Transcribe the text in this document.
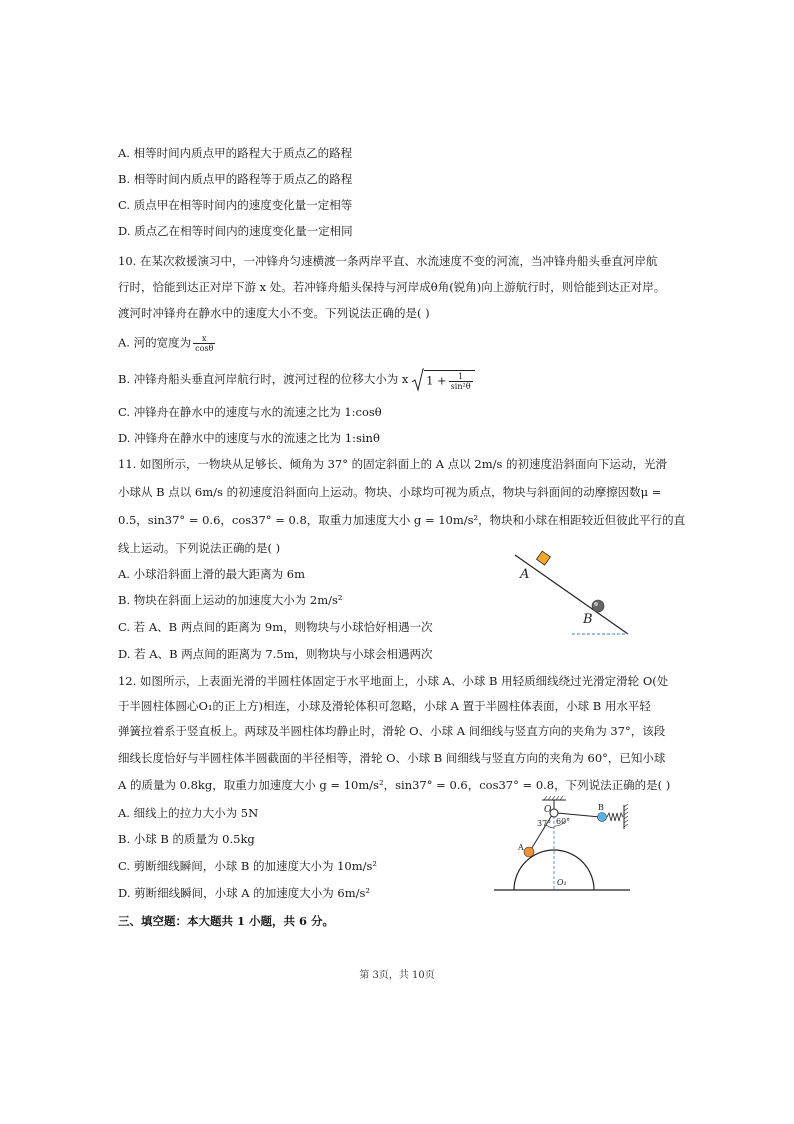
A. 相等时间内质点甲的路程大于质点乙的路程
B. 相等时间内质点甲的路程等于质点乙的路程
C. 质点甲在相等时间内的速度变化量一定相等
D. 质点乙在相等时间内的速度变化量一定相同
10. 在某次救援演习中，一冲锋舟匀速横渡一条两岸平直、水流速度不变的河流，当冲锋舟船头垂直河岸航
行时，恰能到达正对岸下游 x 处。若冲锋舟船头保持与河岸成θ角(锐角)向上游航行时，则恰能到达正对岸。
渡河时冲锋舟在静水中的速度大小不变。下列说法正确的是( )
A. 河的宽度为 $\frac{x}{\cos\theta}$
B. 冲锋舟船头垂直河岸航行时，渡河过程的位移大小为 x $1 + \frac{1}{\text{sin²θ}}$
C. 冲锋舟在静水中的速度与水的流速之比为 1:cosθ
D. 冲锋舟在静水中的速度与水的流速之比为 1:sinθ
11. 如图所示，一物块从足够长、倾角为 37° 的固定斜面上的 A 点以 2m/s 的初速度沿斜面向下运动，光滑
小球从 B 点以 6m/s 的初速度沿斜面向上运动。物块、小球均可视为质点，物块与斜面间的动摩擦因数μ =
0.5，sin37° = 0.6，cos37° = 0.8，取重力加速度大小 g = 10m/s²，物块和小球在相距较近但彼此平行的直
线上运动。下列说法正确的是( )
A. 小球沿斜面上滑的最大距离为 6m
B. 物块在斜面上运动的加速度大小为 2m/s²
C. 若 A、B 两点间的距离为 9m，则物块与小球恰好相遇一次
D. 若 A、B 两点间的距离为 7.5m，则物块与小球会相遇两次
A
B
12. 如图所示，上表面光滑的半圆柱体固定于水平地面上，小球 A、小球 B 用轻质细线绕过光滑定滑轮 O(处
于半圆柱体圆心O₁的正上方)相连，小球及滑轮体积可忽略，小球 A 置于半圆柱体表面，小球 B 用水平轻
弹簧拉着系于竖直板上。两球及半圆柱体均静止时，滑轮 O、小球 A 间细线与竖直方向的夹角为 37°，该段
细线长度恰好与半圆柱体半圆截面的半径相等，滑轮 O、小球 B 间细线与竖直方向的夹角为 60°，已知小球
A 的质量为 0.8kg，取重力加速度大小 g = 10m/s²，sin37° = 0.6，cos37° = 0.8，下列说法正确的是( )
A. 细线上的拉力大小为 5N
B. 小球 B 的质量为 0.5kg
C. 剪断细线瞬间，小球 B 的加速度大小为 10m/s²
D. 剪断细线瞬间，小球 A 的加速度大小为 6m/s²
O
O₁
A
B
37° 60°
三、填空题：本大题共 1 小题，共 6 分。
第 3页，共 10页
